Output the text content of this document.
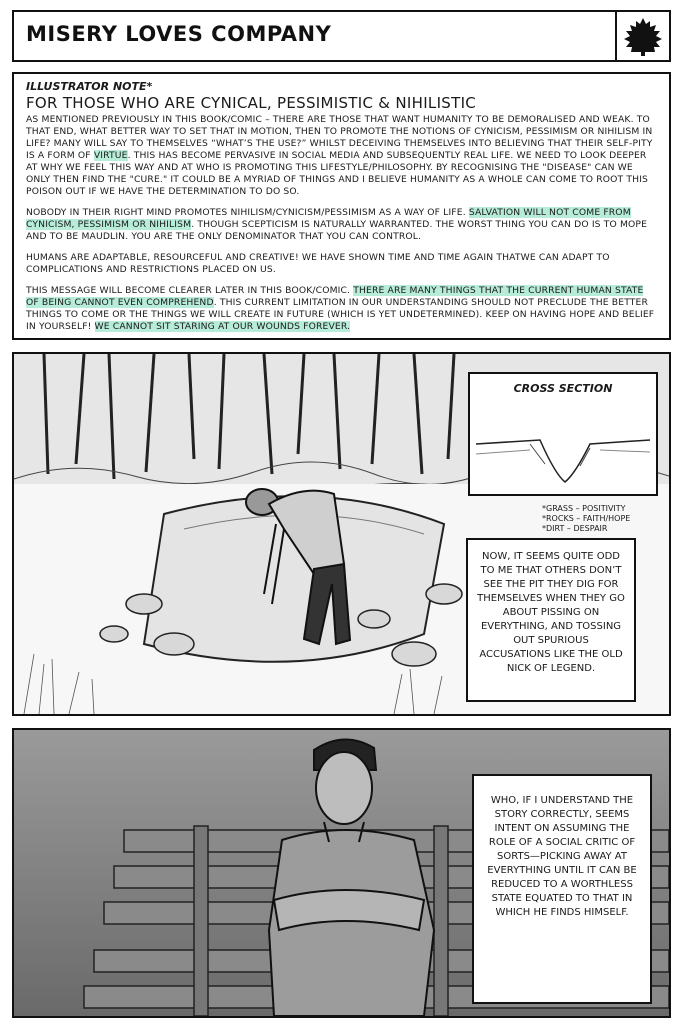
MISERY LOVES COMPANY
ILLUSTRATOR NOTE*
FOR THOSE WHO ARE CYNICAL, PESSIMISTIC & NIHILISTIC

AS MENTIONED PREVIOUSLY IN THIS BOOK/COMIC – THERE ARE THOSE THAT WANT HUMANITY TO BE DEMORALISED AND WEAK. TO THAT END, WHAT BETTER WAY TO SET THAT IN MOTION, THEN TO PROMOTE THE NOTIONS OF CYNICISM, PESSIMISM OR NIHILISM IN LIFE? MANY WILL SAY TO THEMSELVES “WHAT’S THE USE?” WHILST DECEIVING THEMSELVES INTO BELIEVING THAT THEIR SELF-PITY IS A FORM OF VIRTUE. THIS HAS BECOME PERVASIVE IN SOCIAL MEDIA AND SUBSEQUENTLY REAL LIFE. WE NEED TO LOOK DEEPER AT WHY WE FEEL THIS WAY AND AT WHO IS PROMOTING THIS LIFESTYLE/PHILOSOPHY. BY RECOGNISING THE "DISEASE" CAN WE ONLY THEN FIND THE "CURE." IT COULD BE A MYRIAD OF THINGS AND I BELIEVE HUMANITY AS A WHOLE CAN COME TO ROOT THIS POISON OUT IF WE HAVE THE DETERMINATION TO DO SO.

NOBODY IN THEIR RIGHT MIND PROMOTES NIHILISM/CYNICISM/PESSIMISM AS A WAY OF LIFE. SALVATION WILL NOT COME FROM CYNICISM, PESSIMISM OR NIHILISM. THOUGH SCEPTICISM IS NATURALLY WARRANTED. THE WORST THING YOU CAN DO IS TO MOPE AND TO BE MAUDLIN. YOU ARE THE ONLY DENOMINATOR THAT YOU CAN CONTROL.

HUMANS ARE ADAPTABLE, RESOURCEFUL AND CREATIVE! WE HAVE SHOWN TIME AND TIME AGAIN THATWE CAN ADAPT TO COMPLICATIONS AND RESTRICTIONS PLACED ON US.

THIS MESSAGE WILL BECOME CLEARER LATER IN THIS BOOK/COMIC. THERE ARE MANY THINGS THAT THE CURRENT HUMAN STATE OF BEING CANNOT EVEN COMPREHEND. THIS CURRENT LIMITATION IN OUR UNDERSTANDING SHOULD NOT PRECLUDE THE BETTER THINGS TO COME OR THE THINGS WE WILL CREATE IN FUTURE (WHICH IS YET UNDETERMINED). KEEP ON HAVING HOPE AND BELIEF IN YOURSELF! WE CANNOT SIT STARING AT OUR WOUNDS FOREVER.

CROSS SECTION
*GRASS – POSITIVITY
*ROCKS – FAITH/HOPE
*DIRT – DESPAIR
NOW, IT SEEMS QUITE ODD TO ME THAT OTHERS DON’T SEE THE PIT THEY DIG FOR THEMSELVES WHEN THEY GO ABOUT PISSING ON EVERYTHING, AND TOSSING OUT SPURIOUS ACCUSATIONS LIKE THE OLD NICK OF LEGEND.
WHO, IF I UNDERSTAND THE STORY CORRECTLY, SEEMS INTENT ON ASSUMING THE ROLE OF A SOCIAL CRITIC OF SORTS—PICKING AWAY AT EVERYTHING UNTIL IT CAN BE REDUCED TO A WORTHLESS STATE EQUATED TO THAT IN WHICH HE FINDS HIMSELF.
